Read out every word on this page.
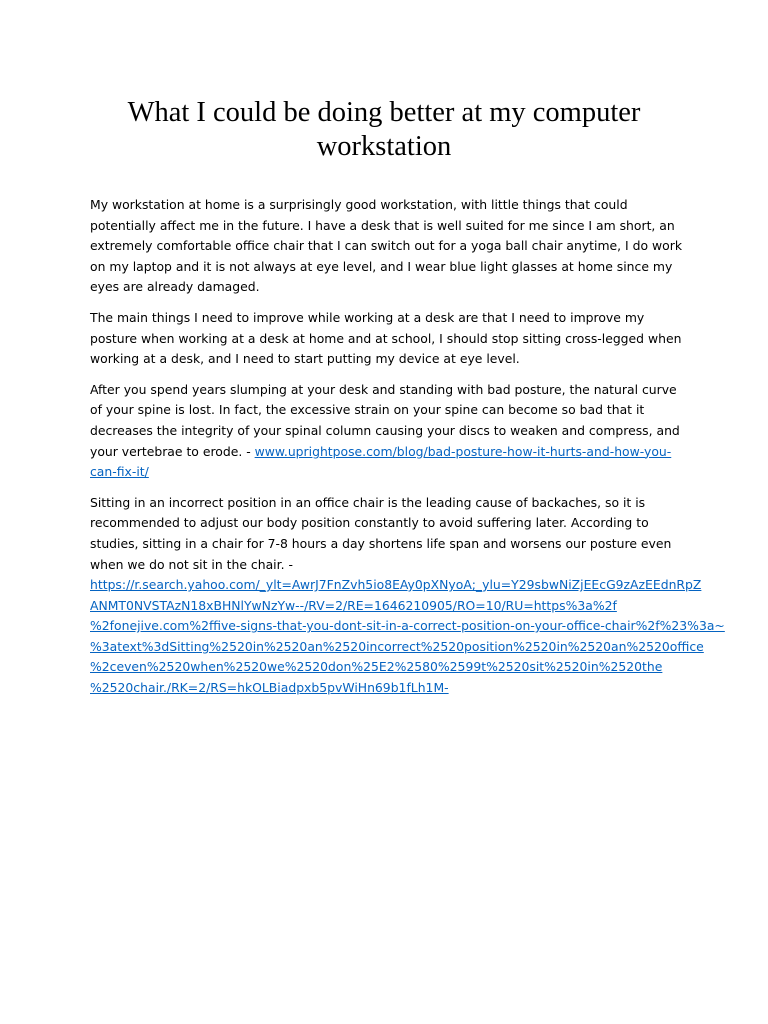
What I could be doing better at my computer workstation

My workstation at home is a surprisingly good workstation, with little things that could
potentially affect me in the future. I have a desk that is well suited for me since I am short, an
extremely comfortable office chair that I can switch out for a yoga ball chair anytime, I do work
on my laptop and it is not always at eye level, and I wear blue light glasses at home since my
eyes are already damaged.

The main things I need to improve while working at a desk are that I need to improve my
posture when working at a desk at home and at school, I should stop sitting cross-legged when
working at a desk, and I need to start putting my device at eye level.

After you spend years slumping at your desk and standing with bad posture, the natural curve
of your spine is lost. In fact, the excessive strain on your spine can become so bad that it
decreases the integrity of your spinal column causing your discs to weaken and compress, and
your vertebrae to erode. - www.uprightpose.com/blog/bad-posture-how-it-hurts-and-how-you-
can-fix-it/

Sitting in an incorrect position in an office chair is the leading cause of backaches, so it is
recommended to adjust our body position constantly to avoid suffering later. According to
studies, sitting in a chair for 7-8 hours a day shortens life span and worsens our posture even
when we do not sit in the chair. -
https://r.search.yahoo.com/_ylt=AwrJ7FnZvh5io8EAy0pXNyoA;_ylu=Y29sbwNiZjEEcG9zAzEEdnRpZ
ANMT0NVSTAzN18xBHNlYwNzYw--/RV=2/RE=1646210905/RO=10/RU=https%3a%2f
%2fonejive.com%2ffive-signs-that-you-dont-sit-in-a-correct-position-on-your-office-chair%2f%23%3a~
%3atext%3dSitting%2520in%2520an%2520incorrect%2520position%2520in%2520an%2520office
%2ceven%2520when%2520we%2520don%25E2%2580%2599t%2520sit%2520in%2520the
%2520chair./RK=2/RS=hkOLBiadpxb5pvWiHn69b1fLh1M-
